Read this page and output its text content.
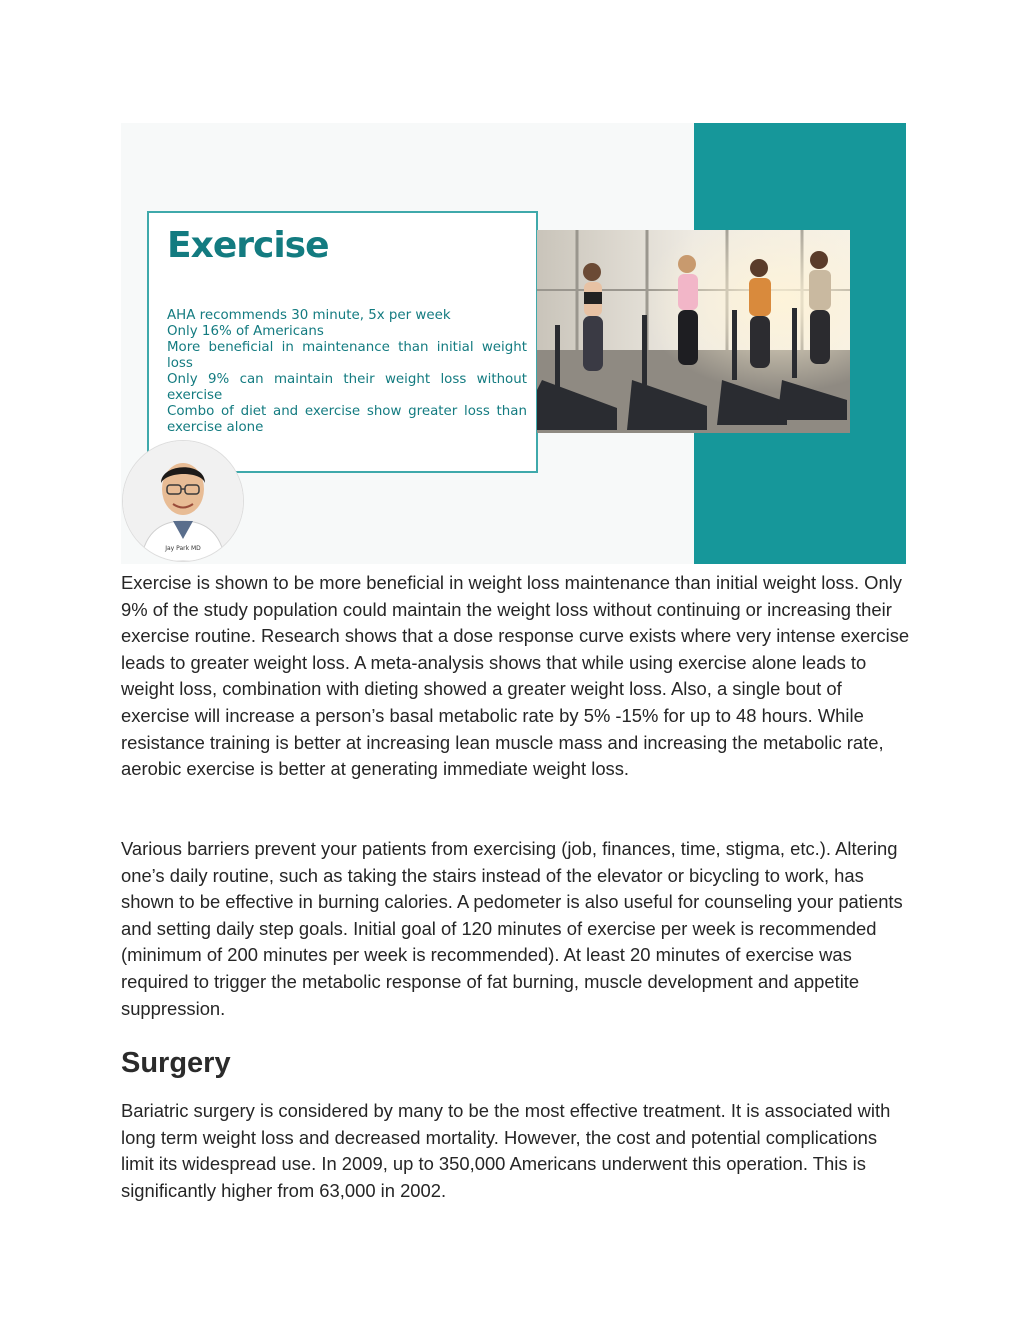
Exercise
AHA recommends 30 minute, 5x per week
Only 16% of Americans
More beneficial in maintenance than initial weight loss
Only 9% can maintain their weight loss without exercise
Combo of diet and exercise show greater loss than exercise alone
Jay Park MD

Exercise is shown to be more beneficial in weight loss maintenance than initial weight loss. Only 9% of the study population could maintain the weight loss without continuing or increasing their exercise routine. Research shows that a dose response curve exists where very intense exercise leads to greater weight loss. A meta-analysis shows that while using exercise alone leads to weight loss, combination with dieting showed a greater weight loss. Also, a single bout of exercise will increase a person’s basal metabolic rate by 5% -15% for up to 48 hours. While resistance training is better at increasing lean muscle mass and increasing the metabolic rate, aerobic exercise is better at generating immediate weight loss.

Various barriers prevent your patients from exercising (job, finances, time, stigma, etc.). Altering one’s daily routine, such as taking the stairs instead of the elevator or bicycling to work, has shown to be effective in burning calories. A pedometer is also useful for counseling your patients and setting daily step goals. Initial goal of 120 minutes of exercise per week is recommended (minimum of 200 minutes per week is recommended). At least 20 minutes of exercise was required to trigger the metabolic response of fat burning, muscle development and appetite suppression.

Surgery

Bariatric surgery is considered by many to be the most effective treatment. It is associated with long term weight loss and decreased mortality. However, the cost and potential complications limit its widespread use. In 2009, up to 350,000 Americans underwent this operation. This is significantly higher from 63,000 in 2002.
